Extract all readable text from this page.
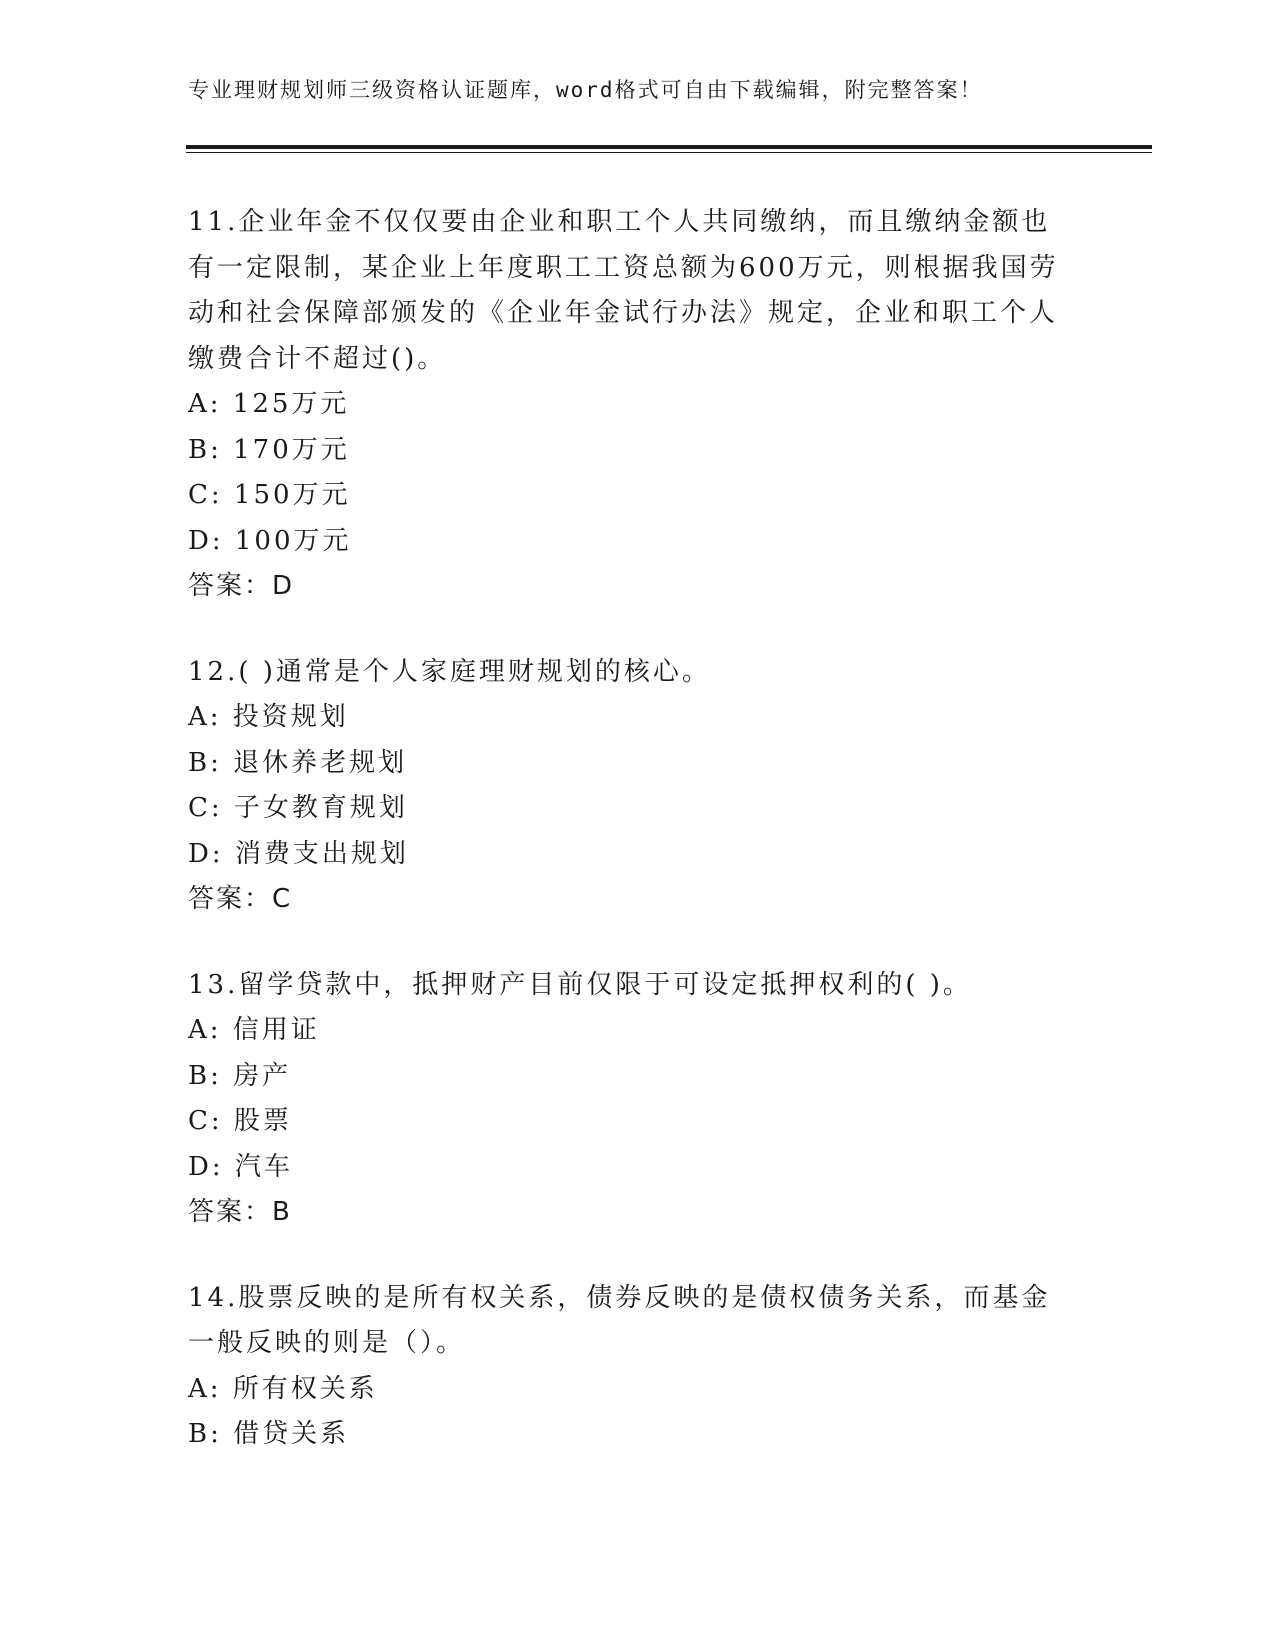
专业理财规划师三级资格认证题库，word格式可自由下载编辑，附完整答案！

11.企业年金不仅仅要由企业和职工个人共同缴纳，而且缴纳金额也有一定限制，某企业上年度职工工资总额为600万元，则根据我国劳动和社会保障部颁发的《企业年金试行办法》规定，企业和职工个人缴费合计不超过()。

A: 125万元

B: 170万元

C: 150万元

D: 100万元

答案：D

12.( )通常是个人家庭理财规划的核心。

A: 投资规划

B: 退休养老规划

C: 子女教育规划

D: 消费支出规划

答案：C

13.留学贷款中，抵押财产目前仅限于可设定抵押权利的( )。

A: 信用证

B: 房产

C: 股票

D: 汽车

答案：B

14.股票反映的是所有权关系，债券反映的是债权债务关系，而基金一般反映的则是（）。

A: 所有权关系

B: 借贷关系
